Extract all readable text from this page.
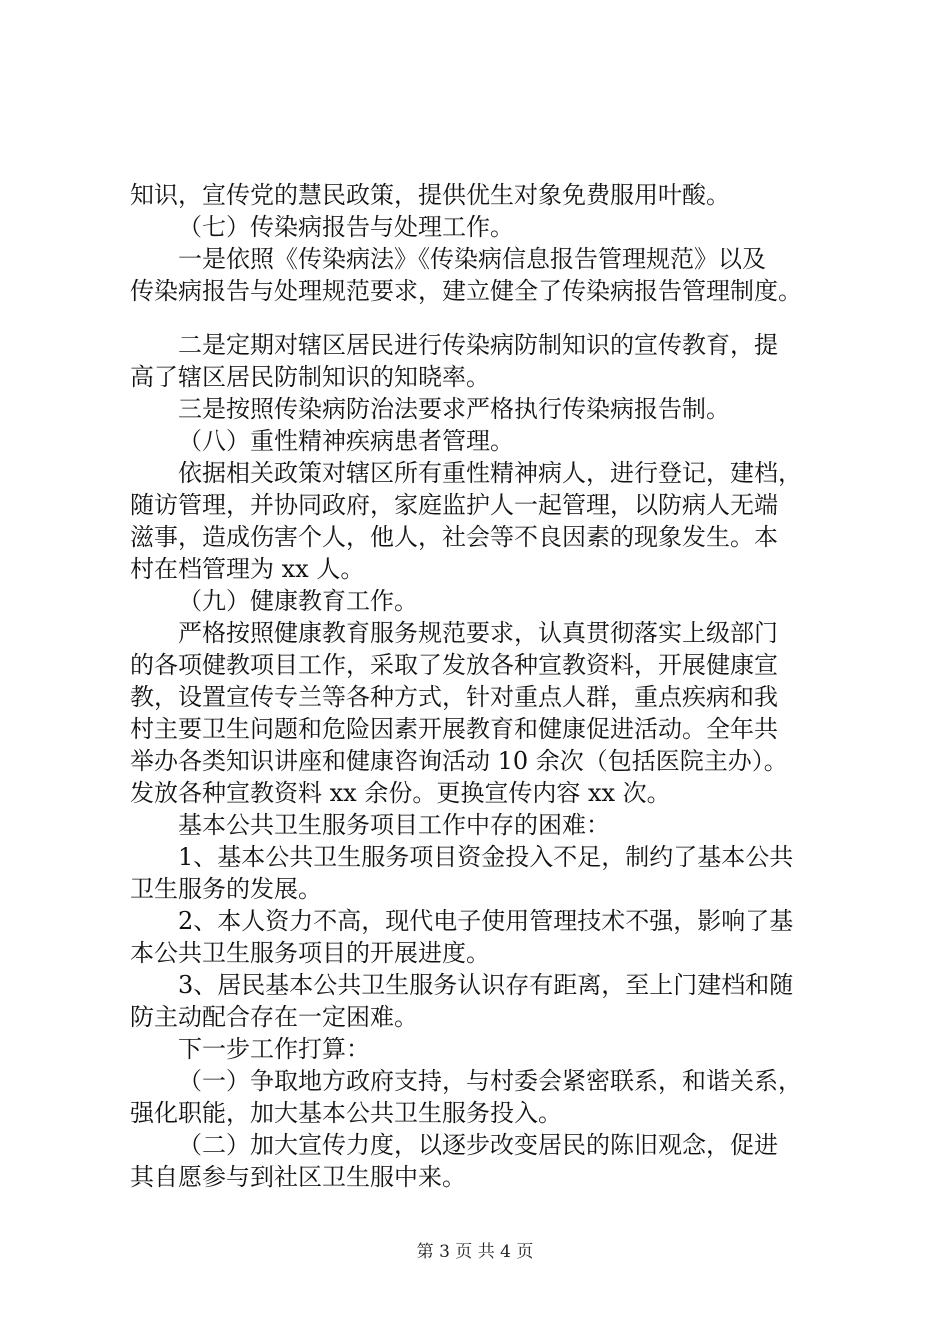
知识，宣传党的慧民政策，提供优生对象免费服用叶酸。
（七）传染病报告与处理工作。
一是依照《传染病法》《传染病信息报告管理规范》以及
传染病报告与处理规范要求，建立健全了传染病报告管理制度。
二是定期对辖区居民进行传染病防制知识的宣传教育，提
高了辖区居民防制知识的知晓率。
三是按照传染病防治法要求严格执行传染病报告制。
（八）重性精神疾病患者管理。
依据相关政策对辖区所有重性精神病人，进行登记，建档，
随访管理，并协同政府，家庭监护人一起管理，以防病人无端
滋事，造成伤害个人，他人，社会等不良因素的现象发生。本
村在档管理为 xx 人。
（九）健康教育工作。
严格按照健康教育服务规范要求，认真贯彻落实上级部门
的各项健教项目工作，采取了发放各种宣教资料，开展健康宣
教，设置宣传专兰等各种方式，针对重点人群，重点疾病和我
村主要卫生问题和危险因素开展教育和健康促进活动。全年共
举办各类知识讲座和健康咨询活动 10 余次（包括医院主办）。
发放各种宣教资料 xx 余份。更换宣传内容 xx 次。
基本公共卫生服务项目工作中存的困难：
1、基本公共卫生服务项目资金投入不足，制约了基本公共
卫生服务的发展。
2、本人资力不高，现代电子使用管理技术不强，影响了基
本公共卫生服务项目的开展进度。
3、居民基本公共卫生服务认识存有距离，至上门建档和随
防主动配合存在一定困难。
下一步工作打算：
（一）争取地方政府支持，与村委会紧密联系，和谐关系，
强化职能，加大基本公共卫生服务投入。
（二）加大宣传力度，以逐步改变居民的陈旧观念，促进
其自愿参与到社区卫生服中来。
第 3 页 共 4 页
